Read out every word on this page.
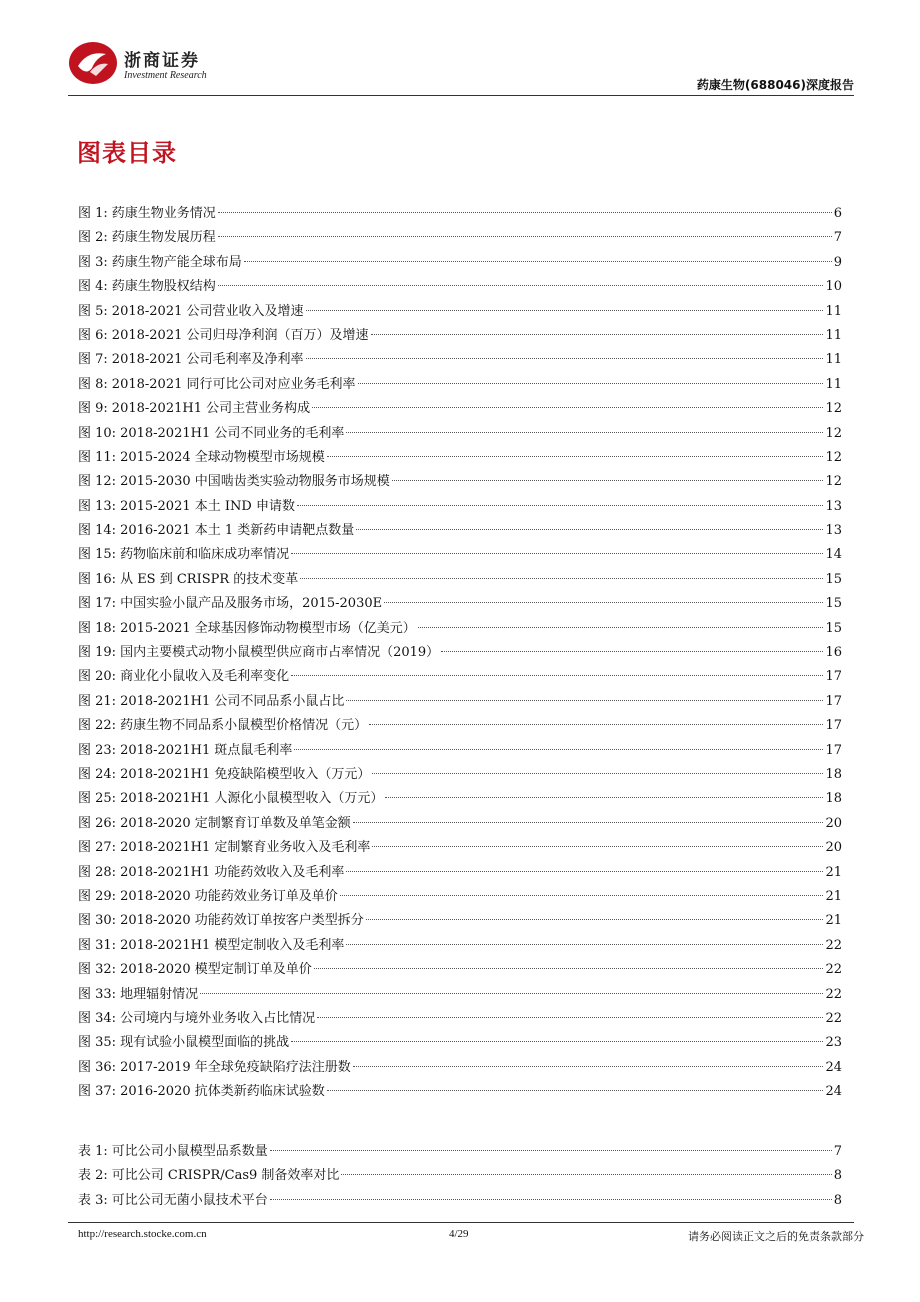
浙商证券
Investment Research
药康生物(688046)深度报告
图表目录
图 1: 药康生物业务情况	6
图 2: 药康生物发展历程	7
图 3: 药康生物产能全球布局	9
图 4: 药康生物股权结构	10
图 5: 2018-2021 公司营业收入及增速	11
图 6: 2018-2021 公司归母净利润（百万）及增速	11
图 7: 2018-2021 公司毛利率及净利率	11
图 8: 2018-2021 同行可比公司对应业务毛利率	11
图 9: 2018-2021H1 公司主营业务构成	12
图 10: 2018-2021H1 公司不同业务的毛利率	12
图 11: 2015-2024 全球动物模型市场规模	12
图 12: 2015-2030 中国啮齿类实验动物服务市场规模	12
图 13: 2015-2021 本土 IND 申请数	13
图 14: 2016-2021 本土 1 类新药申请靶点数量	13
图 15: 药物临床前和临床成功率情况	14
图 16: 从 ES 到 CRISPR 的技术变革	15
图 17: 中国实验小鼠产品及服务市场，2015-2030E	15
图 18: 2015-2021 全球基因修饰动物模型市场（亿美元）	15
图 19: 国内主要模式动物小鼠模型供应商市占率情况（2019）	16
图 20: 商业化小鼠收入及毛利率变化	17
图 21: 2018-2021H1 公司不同品系小鼠占比	17
图 22: 药康生物不同品系小鼠模型价格情况（元）	17
图 23: 2018-2021H1 斑点鼠毛利率	17
图 24: 2018-2021H1 免疫缺陷模型收入（万元）	18
图 25: 2018-2021H1 人源化小鼠模型收入（万元）	18
图 26: 2018-2020 定制繁育订单数及单笔金额	20
图 27: 2018-2021H1 定制繁育业务收入及毛利率	20
图 28: 2018-2021H1 功能药效收入及毛利率	21
图 29: 2018-2020 功能药效业务订单及单价	21
图 30: 2018-2020 功能药效订单按客户类型拆分	21
图 31: 2018-2021H1 模型定制收入及毛利率	22
图 32: 2018-2020 模型定制订单及单价	22
图 33: 地理辐射情况	22
图 34: 公司境内与境外业务收入占比情况	22
图 35: 现有试验小鼠模型面临的挑战	23
图 36: 2017-2019 年全球免疫缺陷疗法注册数	24
图 37: 2016-2020 抗体类新药临床试验数	24
表 1: 可比公司小鼠模型品系数量	7
表 2: 可比公司 CRISPR/Cas9 制备效率对比	8
表 3: 可比公司无菌小鼠技术平台	8
http://research.stocke.com.cn	4/29	请务必阅读正文之后的免责条款部分
